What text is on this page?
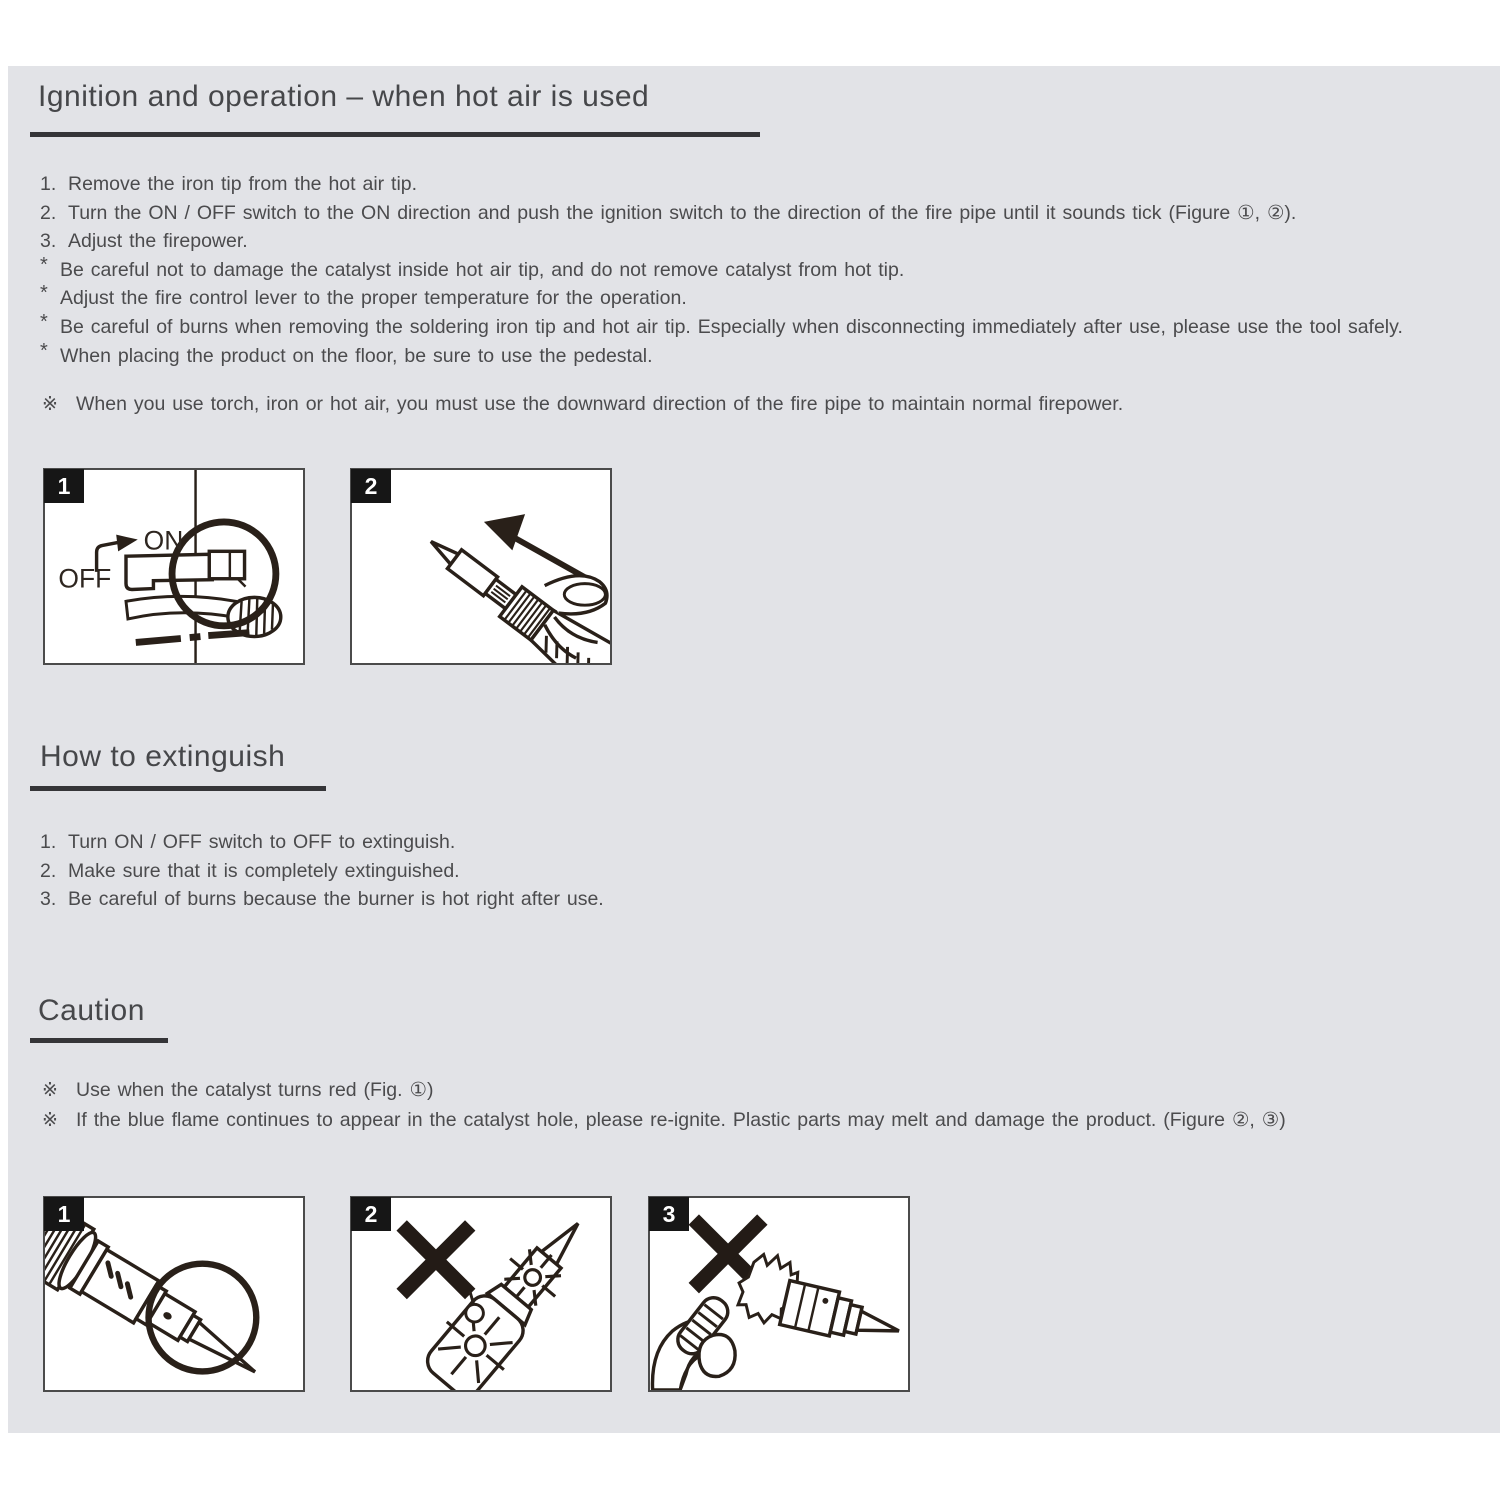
Ignition and operation – when hot air is used
1. Remove the iron tip from the hot air tip.
2. Turn the ON / OFF switch to the ON direction and push the ignition switch to the direction of the fire pipe until it sounds tick (Figure ①, ②).
3. Adjust the firepower.
* Be careful not to damage the catalyst inside hot air tip, and do not remove catalyst from hot tip.
* Adjust the fire control lever to the proper temperature for the operation.
* Be careful of burns when removing the soldering iron tip and hot air tip. Especially when disconnecting immediately after use, please use the tool safely.
* When placing the product on the floor, be sure to use the pedestal.
※ When you use torch, iron or hot air, you must use the downward direction of the fire pipe to maintain normal firepower.
1
ON
OFF
2
How to extinguish
1. Turn ON / OFF switch to OFF to extinguish.
2. Make sure that it is completely extinguished.
3. Be careful of burns because the burner is hot right after use.
Caution
※ Use when the catalyst turns red (Fig. ①)
※ If the blue flame continues to appear in the catalyst hole, please re-ignite. Plastic parts may melt and damage the product. (Figure ②, ③)
1	2	3
